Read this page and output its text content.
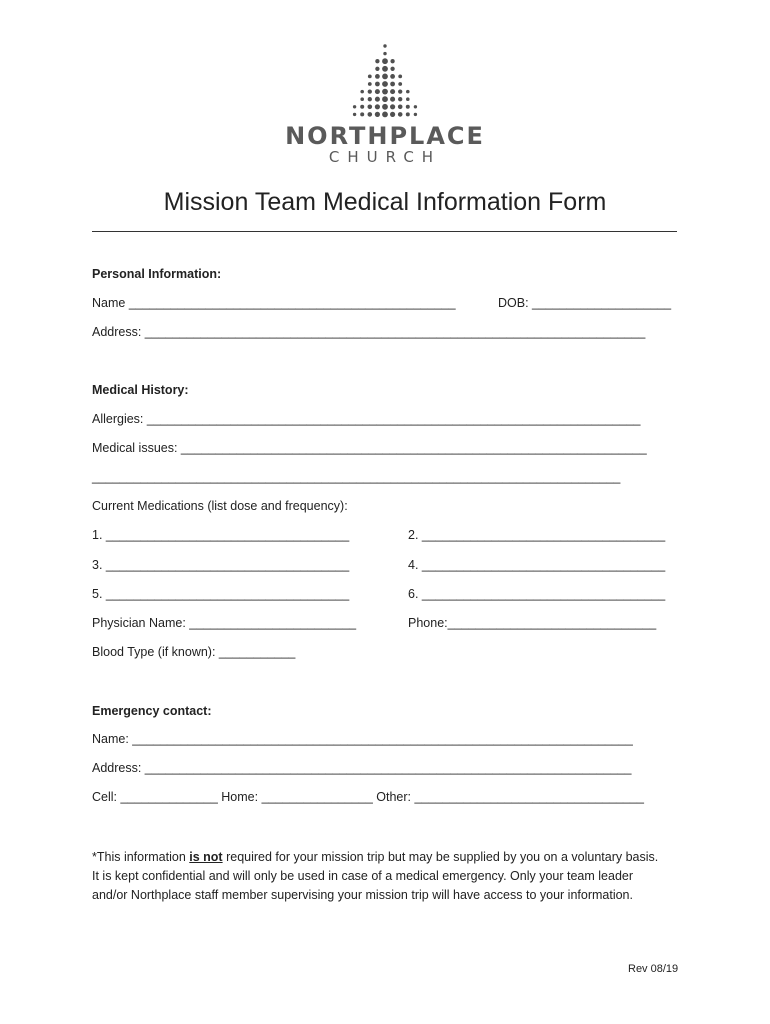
NORTHPLACE
CHURCH
Mission Team Medical Information Form
Personal Information:
Name _______________________________________________	DOB: ____________________
Address: ________________________________________________________________________
Medical History:
Allergies: _______________________________________________________________________
Medical issues: ___________________________________________________________________
____________________________________________________________________________
Current Medications (list dose and frequency):
1. ___________________________________	2. ___________________________________
3. ___________________________________	4. ___________________________________
5. ___________________________________	6. ___________________________________
Physician Name: ________________________	Phone:______________________________
Blood Type (if known): ___________
Emergency contact:
Name: ________________________________________________________________________
Address: ______________________________________________________________________
Cell: ______________ Home: ________________ Other: _________________________________
*This information is not required for your mission trip but may be supplied by you on a voluntary basis.
It is kept confidential and will only be used in case of a medical emergency. Only your team leader
and/or Northplace staff member supervising your mission trip will have access to your information.
Rev 08/19
